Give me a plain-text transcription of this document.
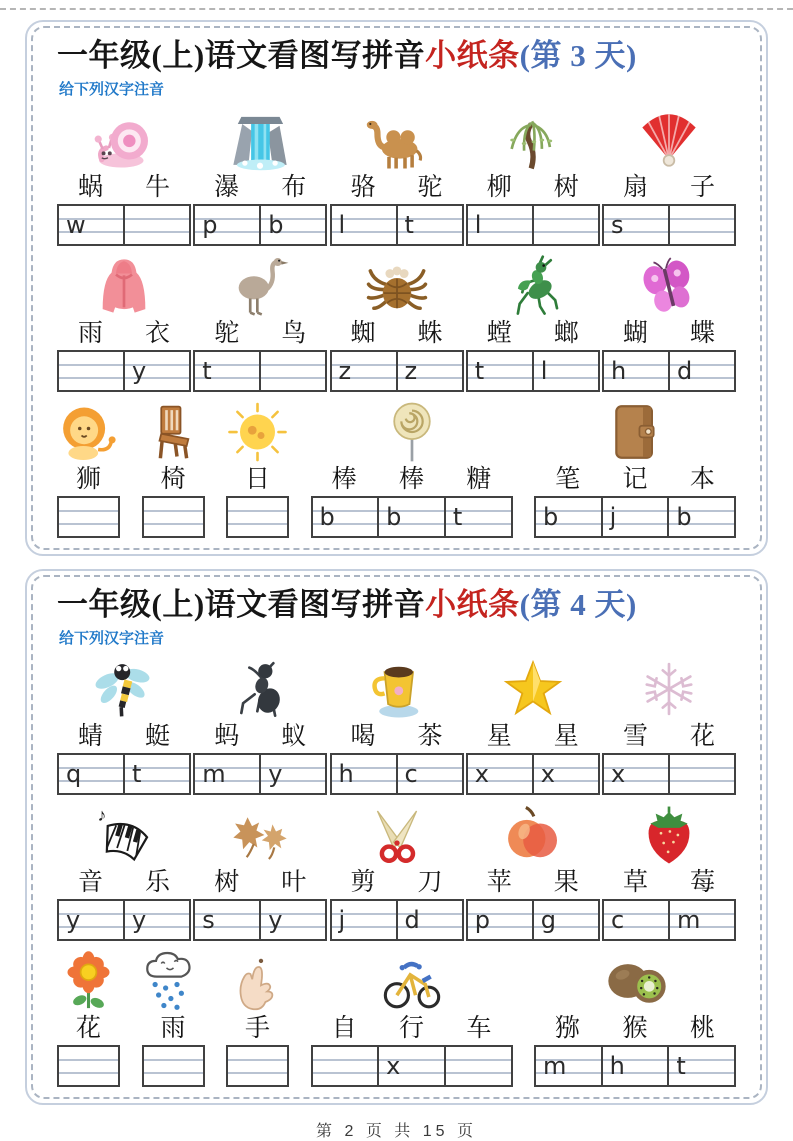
一年级(上)语文看图写拼音小纸条(第 3 天)
给下列汉字注音
蜗 牛
w
瀑 布
p b
骆 驼
l t
柳 树
l
扇 子
s
雨 衣
y
鸵 鸟
t
蜘 蛛
z z
螳 螂
t l
蝴 蝶
h d
狮 椅 日 棒 棒 糖
b b t
笔 记 本
b j	b
一年级(上)语文看图写拼音小纸条(第 4 天)
给下列汉字注音
蜻 蜓
q t
蚂 蚁
m y
喝 茶
h c
星 星
x x
雪 花
x
♪
音 乐
y y
树 叶
s y
剪 刀
j d
苹 果
p g
草 莓
c m
花 雨 手 自 行 车
x
猕 猴 桃
m h t
第 2 页 共 15 页
